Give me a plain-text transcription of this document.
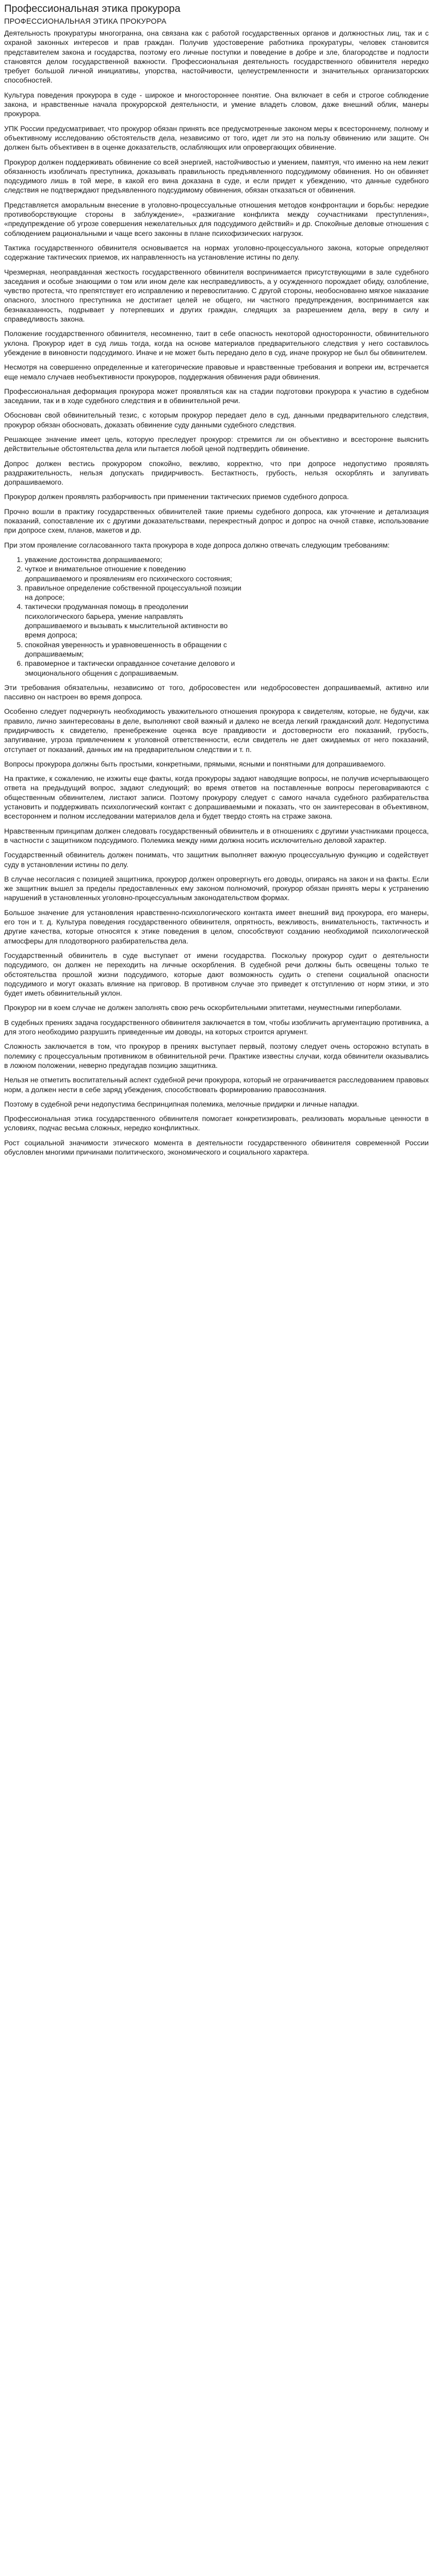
Профессиональная этика прокурора
ПРОФЕССИОНАЛЬНАЯ ЭТИКА ПРОКУРОРА

Деятельность прокуратуры многогранна, она связана как с работой государственных органов и должностных лиц, так и с охраной законных интересов и прав граждан. Получив удостоверение работника прокуратуры, человек становится представителем закона и государства, поэтому его личные поступки и поведение в добре и зле, благородстве и подлости становятся делом государственной важности. Профессиональная деятельность государственного обвинителя нередко требует большой личной инициативы, упорства, настойчивости, целеустремленности и значительных организаторских способностей.

Культура поведения прокурора в суде - широкое и многостороннее понятие. Она включает в себя и строгое соблюдение закона, и нравственные начала прокурорской деятельности, и умение владеть словом, даже внешний облик, манеры прокурора.

УПК России предусматривает, что прокурор обязан принять все предусмотренные законом меры к всестороннему, полному и объективному исследованию обстоятельств дела, независимо от того, идет ли это на пользу обвинению или защите. Он должен быть объективен в в оценке доказательств, ослабляющих или опровергающих обвинение.

Прокурор должен поддерживать обвинение со всей энергией, настойчивостью и умением, памятуя, что именно на нем лежит обязанность изобличать преступника, доказывать правильность предъявленного подсудимому обвинения. Но он обвиняет подсудимого лишь в той мере, в какой его вина доказана в суде, и если придет к убеждению, что данные судебного следствия не подтверждают предъявленного подсудимому обвинения, обязан отказаться от обвинения.

Представляется аморальным внесение в уголовно-процессуальные отношения методов конфронтации и борьбы: нередкие противоборствующие стороны в заблуждение», «разжигание конфликта между соучастниками преступления», «предупреждение об угрозе совершения нежелательных для подсудимого действий» и др. Спокойные деловые отношения с соблюдением рациональными и чаще всего законны в плане психофизических нагрузок.

Тактика государственного обвинителя основывается на нормах уголовно-процессуального закона, которые определяют содержание тактических приемов, их направленность на установление истины по делу.

Чрезмерная, неоправданная жесткость государственного обвинителя воспринимается присутствующими в зале судебного заседания и особые знающими о том или ином деле как несправедливость, а у осужденного порождает обиду, озлобление, чувство протеста, что препятствует его исправлению и перевоспитанию. С другой стороны, необоснованно мягкое наказание опасного, злостного преступника не достигает целей не общего, ни частного предупреждения, воспринимается как безнаказанность, подрывает у потерпевших и других граждан, следящих за разрешением дела, веру в силу и справедливость закона.

Положение государственного обвинителя, несомненно, таит в себе опасность некоторой односторонности, обвинительного уклона. Прокурор идет в суд лишь тогда, когда на основе материалов предварительного следствия у него составилось убеждение в виновности подсудимого. Иначе и не может быть передано дело в суд, иначе прокурор не был бы обвинителем.

Несмотря на совершенно определенные и категорические правовые и нравственные требования и вопреки им, встречается еще немало случаев необъективности прокуроров, поддержания обвинения ради обвинения.

Профессиональная деформация прокурора может проявляться как на стадии подготовки прокурора к участию в судебном заседании, так и в ходе судебного следствия и в обвинительной речи.

Обоснован свой обвинительный тезис, с которым прокурор передает дело в суд, данными предварительного следствия, прокурор обязан обосновать, доказать обвинение суду данными судебного следствия.

Решающее значение имеет цель, которую преследует прокурор: стремится ли он объективно и всесторонне выяснить действительные обстоятельства дела или пытается любой ценой подтвердить обвинение.

Допрос должен вестись прокурором спокойно, вежливо, корректно, что при допросе недопустимо проявлять раздражительность, нельзя допускать придирчивость. Бестактность, грубость, нельзя оскорблять и запугивать допрашиваемого.

Прокурор должен проявлять разборчивость при применении тактических приемов судебного допроса.

Прочно вошли в практику государственных обвинителей такие приемы судебного допроса, как уточнение и детализация показаний, сопоставление их с другими доказательствами, перекрестный допрос и допрос на очной ставке, использование при допросе схем, планов, макетов и др.

При этом проявление согласованного такта прокурора в ходе допроса должно отвечать следующим требованиям:

1. уважение достоинства допрашиваемого;
2. чуткое и внимательное отношение к поведению допрашиваемого и проявлениям его психического состояния;
3. правильное определение собственной процессуальной позиции на допросе;
4. тактически продуманная помощь в преодолении психологического барьера, умение направлять допрашиваемого и вызывать к мыслительной активности во время допроса;
5. спокойная уверенность и уравновешенность в обращении с допрашиваемым;
6. правомерное и тактически оправданное сочетание делового и эмоционального общения с допрашиваемым.

Эти требования обязательны, независимо от того, добросовестен или недобросовестен допрашиваемый, активно или пассивно он настроен во время допроса.

Особенно следует подчеркнуть необходимость уважительного отношения прокурора к свидетелям, которые, не будучи, как правило, лично заинтересованы в деле, выполняют свой важный и далеко не всегда легкий гражданский долг. Недопустима придирчивость к свидетелю, пренебрежение оценка всуе правдивости и достоверности его показаний, грубость, запугивание, угроза привлечением к уголовной ответственности, если свидетель не дает ожидаемых от него показаний, отступает от показаний, данных им на предварительном следствии и т. п.

Вопросы прокурора должны быть простыми, конкретными, прямыми, ясными и понятными для допрашиваемого.

На практике, к сожалению, не изжиты еще факты, когда прокуроры задают наводящие вопросы, не получив исчерпывающего ответа на предыдущий вопрос, задают следующий; во время ответов на поставленные вопросы переговариваются с общественным обвинителем, листают записи. Поэтому прокурору следует с самого начала судебного разбирательства установить и поддерживать психологический контакт с допрашиваемыми и показать, что он заинтересован в объективном, всестороннем и полном исследовании материалов дела и будет твердо стоять на страже закона.

Нравственным принципам должен следовать государственный обвинитель и в отношениях с другими участниками процесса, в частности с защитником подсудимого. Полемика между ними должна носить исключительно деловой характер.

Государственный обвинитель должен понимать, что защитник выполняет важную процессуальную функцию и содействует суду в установлении истины по делу.

В случае несогласия с позицией защитника, прокурор должен опровергнуть его доводы, опираясь на закон и на факты. Если же защитник вышел за пределы предоставленных ему законом полномочий, прокурор обязан принять меры к устранению нарушений в установленных уголовно-процессуальным законодательством формах.

Большое значение для установления нравственно-психологического контакта имеет внешний вид прокурора, его манеры, его тон и т. д. Культура поведения государственного обвинителя, опрятность, вежливость, внимательность, тактичность и другие качества, которые относятся к этике поведения в целом, способствуют созданию необходимой психологической атмосферы для плодотворного разбирательства дела.

Государственный обвинитель в суде выступает от имени государства. Поскольку прокурор судит о деятельности подсудимого, он должен не переходить на личные оскорбления. В судебной речи должны быть освещены только те обстоятельства прошлой жизни подсудимого, которые дают возможность судить о степени социальной опасности подсудимого и могут оказать влияние на приговор. В противном случае это приведет к отступлению от норм этики, и это будет иметь обвинительный уклон.

Прокурор ни в коем случае не должен заполнять свою речь оскорбительными эпитетами, неуместными гиперболами.

В судебных прениях задача государственного обвинителя заключается в том, чтобы изобличить аргументацию противника, а для этого необходимо разрушить приведенные им доводы, на которых строится аргумент.

Сложность заключается в том, что прокурор в прениях выступает первый, поэтому следует очень осторожно вступать в полемику с процессуальным противником в обвинительной речи. Практике известны случаи, когда обвинители оказывались в ложном положении, неверно предугадав позицию защитника.

Нельзя не отметить воспитательный аспект судебной речи прокурора, который не ограничивается расследованием правовых норм, а должен нести в себе заряд убеждения, способствовать формированию правосознания.

Поэтому в судебной речи недопустима беспринципная полемика, мелочные придирки и личные нападки.

Профессиональная этика государственного обвинителя помогает конкретизировать, реализовать моральные ценности в условиях, подчас весьма сложных, нередко конфликтных.

Рост социальной значимости этического момента в деятельности государственного обвинителя современной России обусловлен многими причинами политического, экономического и социального характера.
